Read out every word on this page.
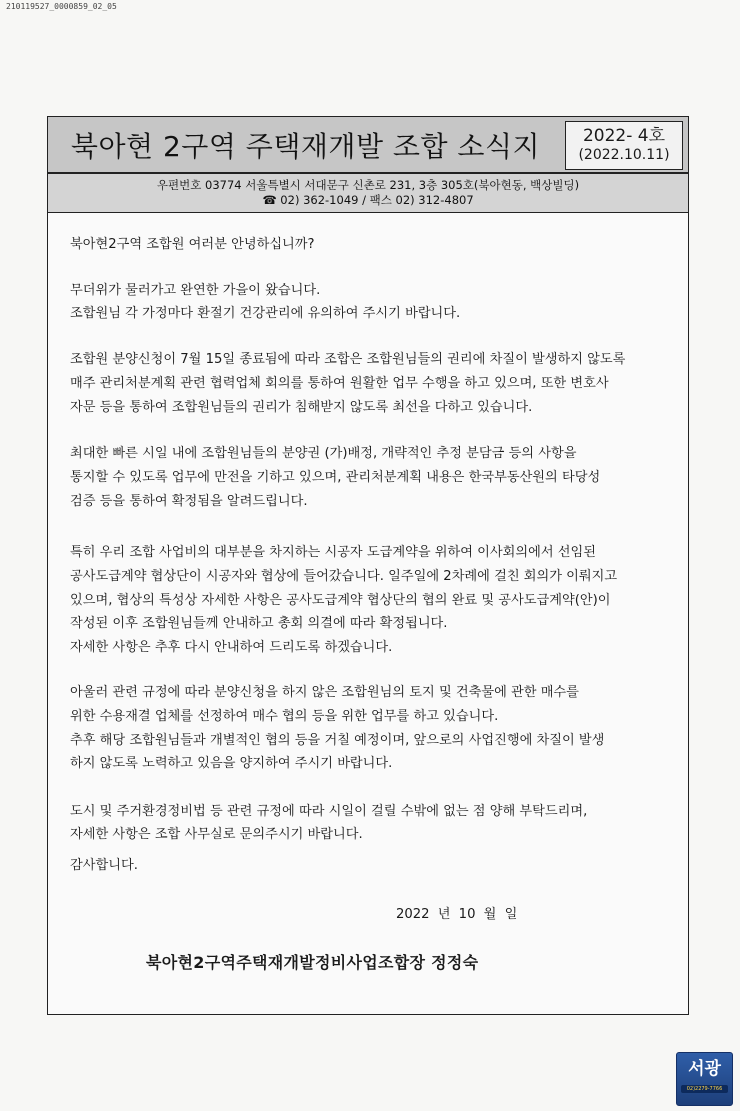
210119527_0000859_02_05
북아현 2구역 주택재개발 조합 소식지	2022- 4호
(2022.10.11)
우편번호 03774 서울특별시 서대문구 신촌로 231, 3층 305호(북아현동, 백상빌딩)
☎ 02) 362-1049 / 팩스 02) 312-4807
북아현2구역 조합원 여러분 안녕하십니까?
무더위가 물러가고 완연한 가을이 왔습니다.
조합원님 각 가정마다 환절기 건강관리에 유의하여 주시기 바랍니다.
조합원 분양신청이 7월 15일 종료됨에 따라 조합은 조합원님들의 권리에 차질이 발생하지 않도록
매주 관리처분계획 관련 협력업체 회의를 통하여 원활한 업무 수행을 하고 있으며, 또한 변호사
자문 등을 통하여 조합원님들의 권리가 침해받지 않도록 최선을 다하고 있습니다.
최대한 빠른 시일 내에 조합원님들의 분양권 (가)배정, 개략적인 추정 분담금 등의 사항을
통지할 수 있도록 업무에 만전을 기하고 있으며, 관리처분계획 내용은 한국부동산원의 타당성
검증 등을 통하여 확정됨을 알려드립니다.
특히 우리 조합 사업비의 대부분을 차지하는 시공자 도급계약을 위하여 이사회의에서 선임된
공사도급계약 협상단이 시공자와 협상에 들어갔습니다. 일주일에 2차례에 걸친 회의가 이뤄지고
있으며, 협상의 특성상 자세한 사항은 공사도급계약 협상단의 협의 완료 및 공사도급계약(안)이
작성된 이후 조합원님들께 안내하고 총회 의결에 따라 확정됩니다.
자세한 사항은 추후 다시 안내하여 드리도록 하겠습니다.
아울러 관련 규정에 따라 분양신청을 하지 않은 조합원님의 토지 및 건축물에 관한 매수를
위한 수용재결 업체를 선정하여 매수 협의 등을 위한 업무를 하고 있습니다.
추후 해당 조합원님들과 개별적인 협의 등을 거칠 예정이며, 앞으로의 사업진행에 차질이 발생
하지 않도록 노력하고 있음을 양지하여 주시기 바랍니다.
도시 및 주거환경정비법 등 관련 규정에 따라 시일이 걸릴 수밖에 없는 점 양해 부탁드리며,
자세한 사항은 조합 사무실로 문의주시기 바랍니다.
감사합니다.
2022 년 10 월 일
북아현2구역주택재개발정비사업조합장 정정숙
서광
02)2279-7766
